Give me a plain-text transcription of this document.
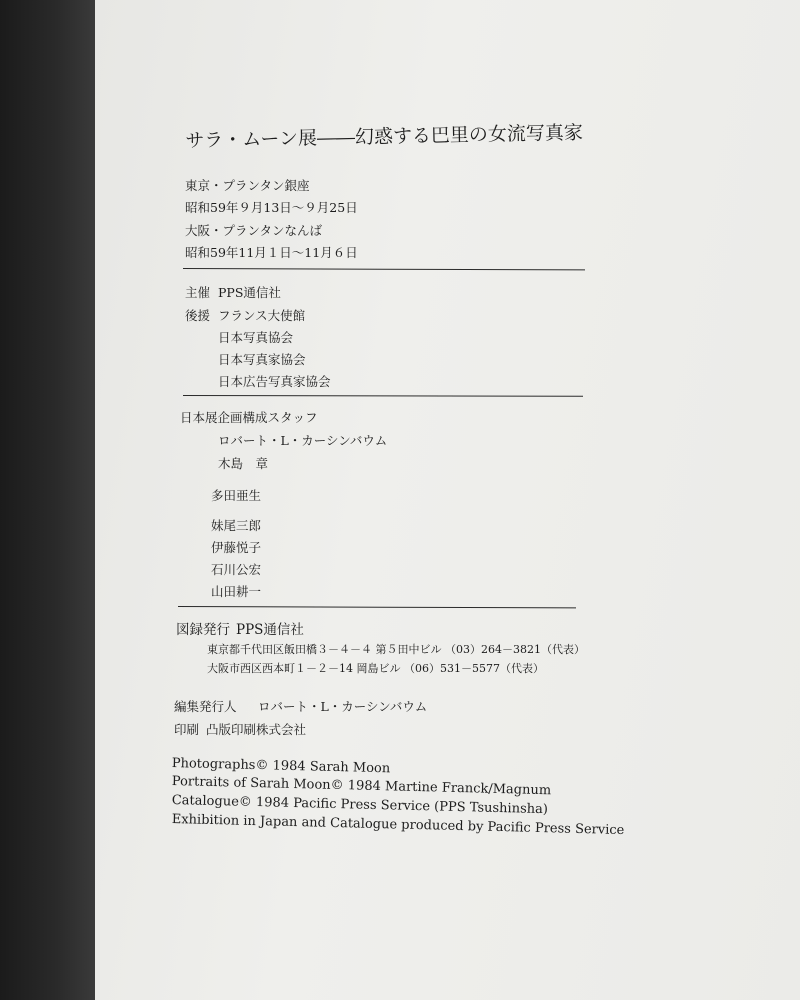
サラ・ムーン展――幻惑する巴里の女流写真家
東京・プランタン銀座
昭和59年９月13日～９月25日
大阪・プランタンなんば
昭和59年11月１日～11月６日
主催 PPS通信社
後援 フランス大使館
日本写真協会
日本写真家協会
日本広告写真家協会
日本展企画構成スタッフ
ロバート・L・カーシンバウム
木島　章
多田亜生
妹尾三郎
伊藤悦子
石川公宏
山田耕一
図録発行 PPS通信社
東京都千代田区飯田橋３－４－４ 第５田中ビル （03）264－3821（代表）
大阪市西区西本町１－２－14 岡島ビル （06）531－5577（代表）
編集発行人 ロバート・L・カーシンバウム
印刷 凸版印刷株式会社
Photographs© 1984 Sarah Moon
Portraits of Sarah Moon© 1984 Martine Franck/Magnum
Catalogue© 1984 Pacific Press Service (PPS Tsushinsha)
Exhibition in Japan and Catalogue produced by Pacific Press Service
